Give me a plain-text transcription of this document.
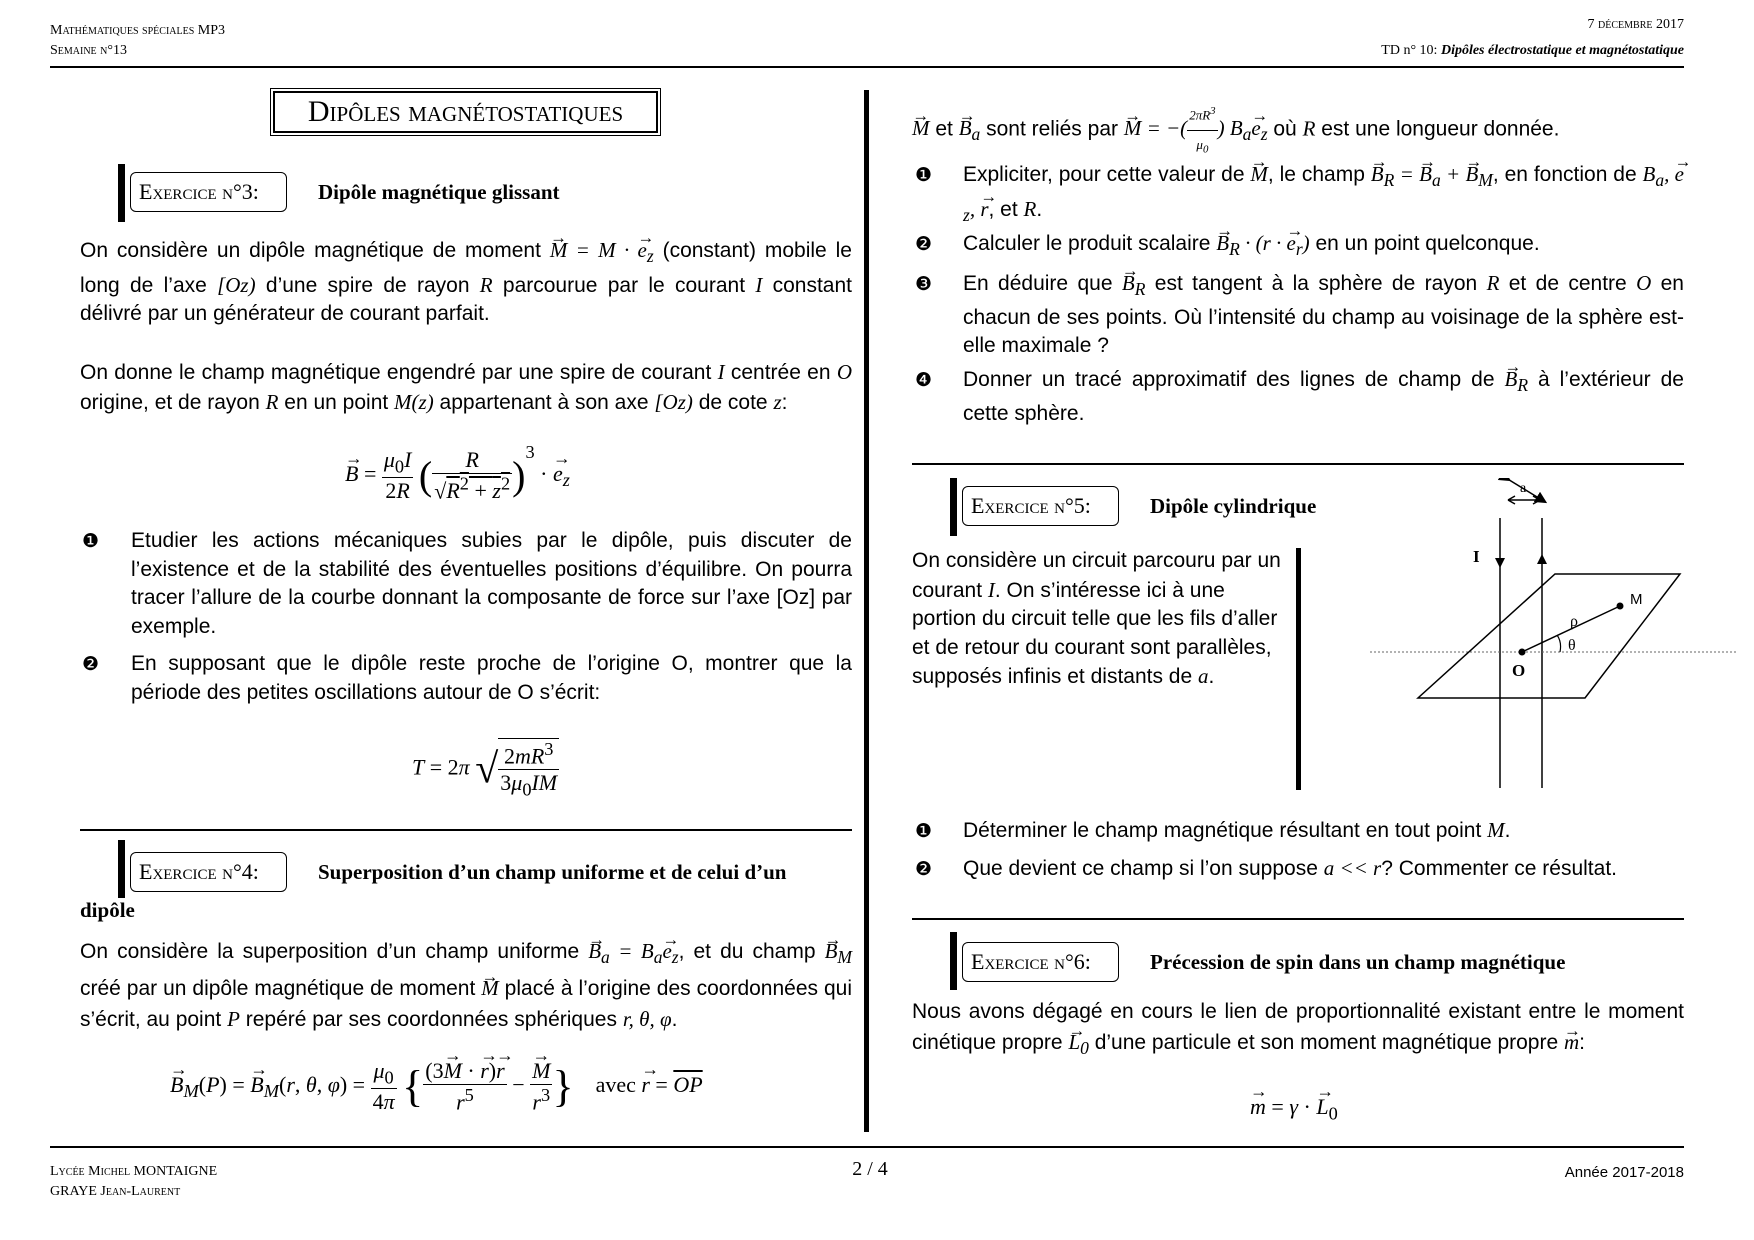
Mathématiques spéciales MP3
Semaine n°13
7 décembre 2017
TD n° 10: Dipôles électrostatique et magnétostatique
Dipôles magnétostatiques
Exercice n°3:	Dipôle magnétique glissant
On considère un dipôle magnétique de moment → M = M · → $e_z$ (constant) mobile le long de l’axe [Oz) d’une spire de rayon R parcourue par le courant I constant délivré par un générateur de courant parfait.
On donne le champ magnétique engendré par une spire de courant I centrée en O origine, et de rayon R en un point M(z) appartenant à son axe [Oz) de cote z:
→ $B = \frac{\mu_0I}{2R}$ ( $\frac{R}{√R^2 + z^2} )^3$ · → $e_z$
❶ Etudier les actions mécaniques subies par le dipôle, puis discuter de l’existence et de la stabilité des éventuelles positions d’équilibre. On pourra tracer l’allure de la courbe donnant la composante de force sur l’axe [Oz] par exemple.
❷ En supposant que le dipôle reste proche de l’origine O, montrer que la période des petites oscillations autour de O s’écrit:
T = 2π √ $\frac{2mR^3}{3\mu_0IM}$
Exercice n°4:	Superposition d’un champ uniforme et de celui d’un
dipôle
On considère la superposition d’un champ uniforme → $B_a = B_a\to e_z$, et du champ → $B_M$ créé par un dipôle magnétique de moment → M placé à l’origine des coordonnées qui s’écrit, au point P repéré par ses coordonnées sphériques r, θ, φ.
→ $B_M(P)$ = → $B_M(r$, θ, $\varphi) = \frac{\mu_0}{4\pi}$ { $\frac{(3\to M \cdot \to r)\to r}{r^5}$ − → $\frac{M}{r^3}$ } avec → $r = \overline{OP}$
→ M et → $B_a$ sont reliés par → M = −( $\frac{2\pi R^3}{\mu_0}$ ) $B_a\to e_z$ où R est une longueur donnée.
❶ Expliciter, pour cette valeur de → M, le champ → $B_R$ = → $B_a$ + → $B_M$, en fonction de $B_a$, → $e_z$, → r, et R.
❷ Calculer le produit scalaire → $B_R \cdot (r$ · → $e_r$) en un point quelconque.
❸ En déduire que → $B_R$ est tangent à la sphère de rayon R et de centre O en chacun de ses points. Où l’intensité du champ au voisinage de la sphère est-elle maximale ?
❹ Donner un tracé approximatif des lignes de champ de → $B_R$ à l’extérieur de cette sphère.
Exercice n°5:	Dipôle cylindrique
On considère un circuit parcouru par un courant I. On s’intéresse ici à une portion du circuit telle que les fils d’aller et de retour du courant sont parallèles, supposés infinis et distants de a.
a
I
M
ρ
θ
O
❶ Déterminer le champ magnétique résultant en tout point M.
❷ Que devient ce champ si l’on suppose a << r? Commenter ce résultat.
Exercice n°6:	Précession de spin dans un champ magnétique
Nous avons dégagé en cours le lien de proportionnalité existant entre le moment cinétique propre → $L_0$ d’une particule et son moment magnétique propre → m:
→ m = γ · → $L_0$
Lycée Michel MONTAIGNE
GRAYE Jean-Laurent
2 / 4	Année 2017-2018
